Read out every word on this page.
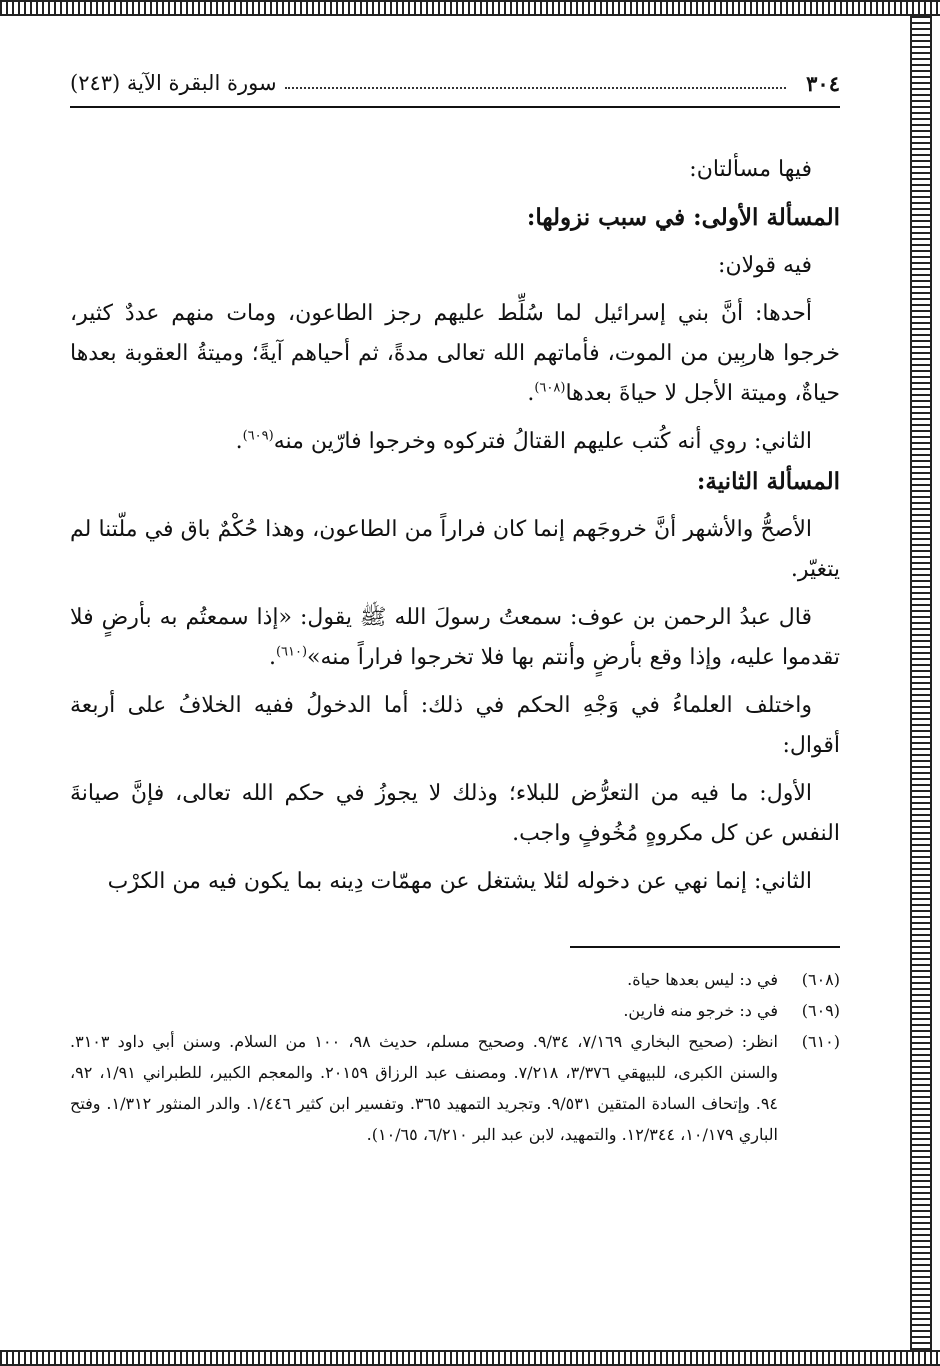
٣٠٤
سورة البقرة الآية (٢٤٣)

فيها مسألتان:

المسألة الأولى: في سبب نزولها:

فيه قولان:

أحدها: أنَّ بني إسرائيل لما سُلِّط عليهم رجز الطاعون، ومات منهم عددٌ كثير، خرجوا هاربِين من الموت، فأماتهم الله تعالى مدةً، ثم أحياهم آيةً؛ وميتةُ العقوبة بعدها حياةٌ، وميتة الأجل لا حياةَ بعدها$^{(٦٠٨)}$.

الثاني: روي أنه كُتب عليهم القتالُ فتركوه وخرجوا فارّين منه$^{(٦٠٩)}$.

المسألة الثانية:

الأصحُّ والأشهر أنَّ خروجَهم إنما كان فراراً من الطاعون، وهذا حُكْمٌ باق في ملّتنا لم يتغيّر.

قال عبدُ الرحمن بن عوف: سمعتُ رسولَ الله ﷺ يقول: «إذا سمعتُم به بأرضٍ فلا تقدموا عليه، وإذا وقع بأرضٍ وأنتم بها فلا تخرجوا فراراً منه»$^{(٦١٠)}$.

واختلف العلماءُ في وَجْهِ الحكم في ذلك: أما الدخولُ ففيه الخلافُ على أربعة أقوال:

الأول: ما فيه من التعرُّض للبلاء؛ وذلك لا يجوزُ في حكم الله تعالى، فإنَّ صيانةَ النفس عن كل مكروهٍ مُخُوفٍ واجب.

الثاني: إنما نهي عن دخوله لئلا يشتغل عن مهمّات دِينه بما يكون فيه من الكرْب

(٦٠٨)
في د: ليس بعدها حياة.
(٦٠٩)
في د: خرجو منه فارين.
(٦١٠)
انظر: (صحيح البخاري ٧/١٦٩، ٩/٣٤. وصحيح مسلم، حديث ٩٨، ١٠٠ من السلام. وسنن أبي داود ٣١٠٣. والسنن الكبرى، للبيهقي ٣/٣٧٦، ٧/٢١٨. ومصنف عبد الرزاق ٢٠١٥٩. والمعجم الكبير، للطبراني ١/٩١، ٩٢، ٩٤. وإتحاف السادة المتقين ٩/٥٣١. وتجريد التمهيد ٣٦٥. وتفسير ابن كثير ١/٤٤٦. والدر المنثور ١/٣١٢. وفتح الباري ١٠/١٧٩، ١٢/٣٤٤. والتمهيد، لابن عبد البر ٦/٢١٠، ١٠/٦٥).
